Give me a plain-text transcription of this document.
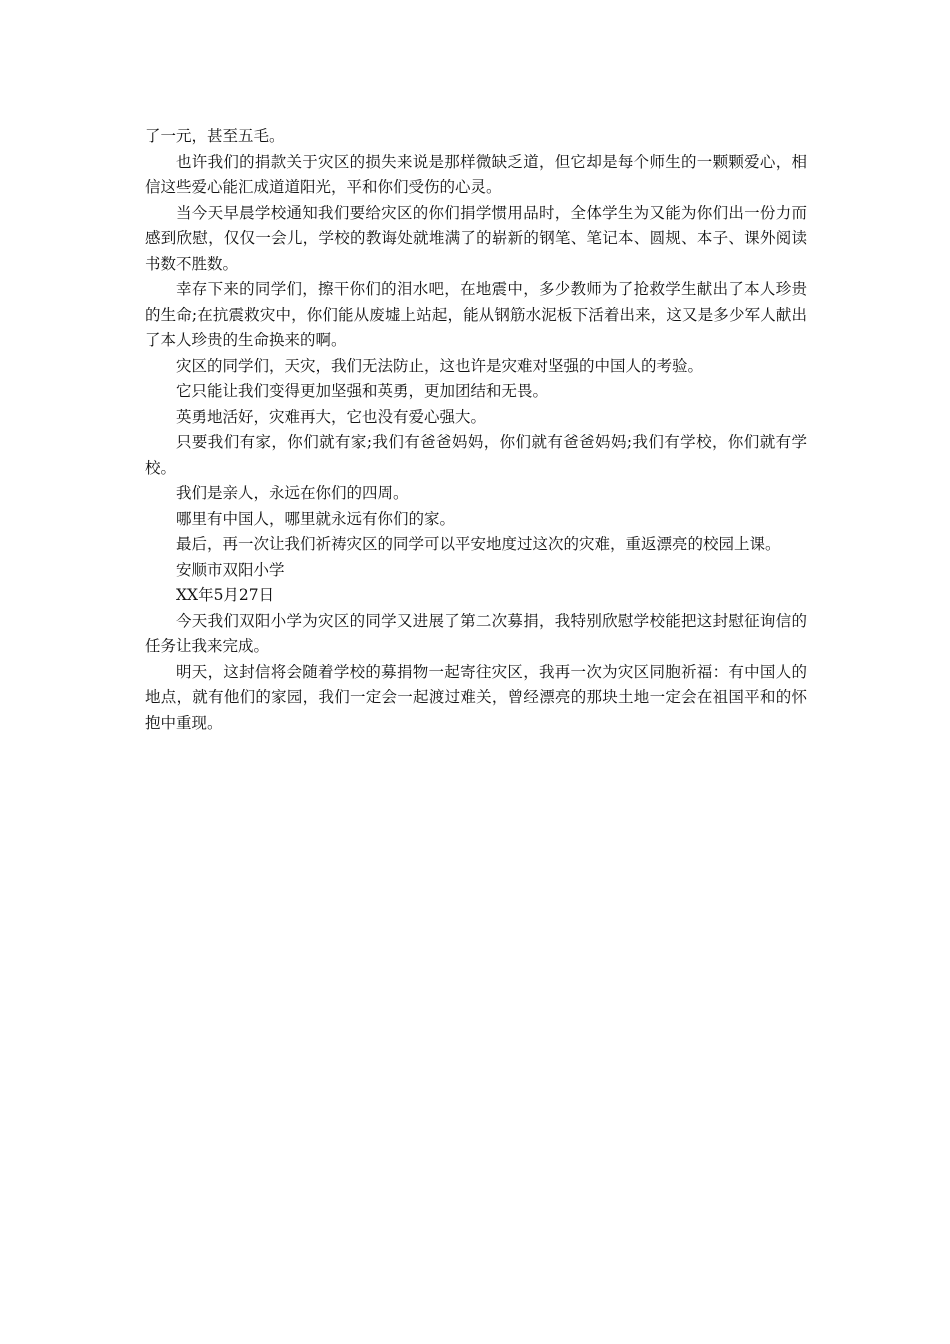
了一元，甚至五毛。

也许我们的捐款关于灾区的损失来说是那样微缺乏道，但它却是每个师生的一颗颗爱心，相信这些爱心能汇成道道阳光，平和你们受伤的心灵。

当今天早晨学校通知我们要给灾区的你们捐学惯用品时，全体学生为又能为你们出一份力而感到欣慰，仅仅一会儿，学校的教诲处就堆满了的崭新的钢笔、笔记本、圆规、本子、课外阅读书数不胜数。

幸存下来的同学们，擦干你们的泪水吧，在地震中，多少教师为了抢救学生献出了本人珍贵的生命;在抗震救灾中，你们能从废墟上站起，能从钢筋水泥板下活着出来，这又是多少军人献出了本人珍贵的生命换来的啊。

灾区的同学们，天灾，我们无法防止，这也许是灾难对坚强的中国人的考验。

它只能让我们变得更加坚强和英勇，更加团结和无畏。

英勇地活好，灾难再大，它也没有爱心强大。

只要我们有家，你们就有家;我们有爸爸妈妈，你们就有爸爸妈妈;我们有学校，你们就有学校。

我们是亲人，永远在你们的四周。

哪里有中国人，哪里就永远有你们的家。

最后，再一次让我们祈祷灾区的同学可以平安地度过这次的灾难，重返漂亮的校园上课。

安顺市双阳小学

XX年5月27日

今天我们双阳小学为灾区的同学又进展了第二次募捐，我特别欣慰学校能把这封慰征询信的任务让我来完成。

明天，这封信将会随着学校的募捐物一起寄往灾区，我再一次为灾区同胞祈福：有中国人的地点，就有他们的家园，我们一定会一起渡过难关，曾经漂亮的那块土地一定会在祖国平和的怀抱中重现。
